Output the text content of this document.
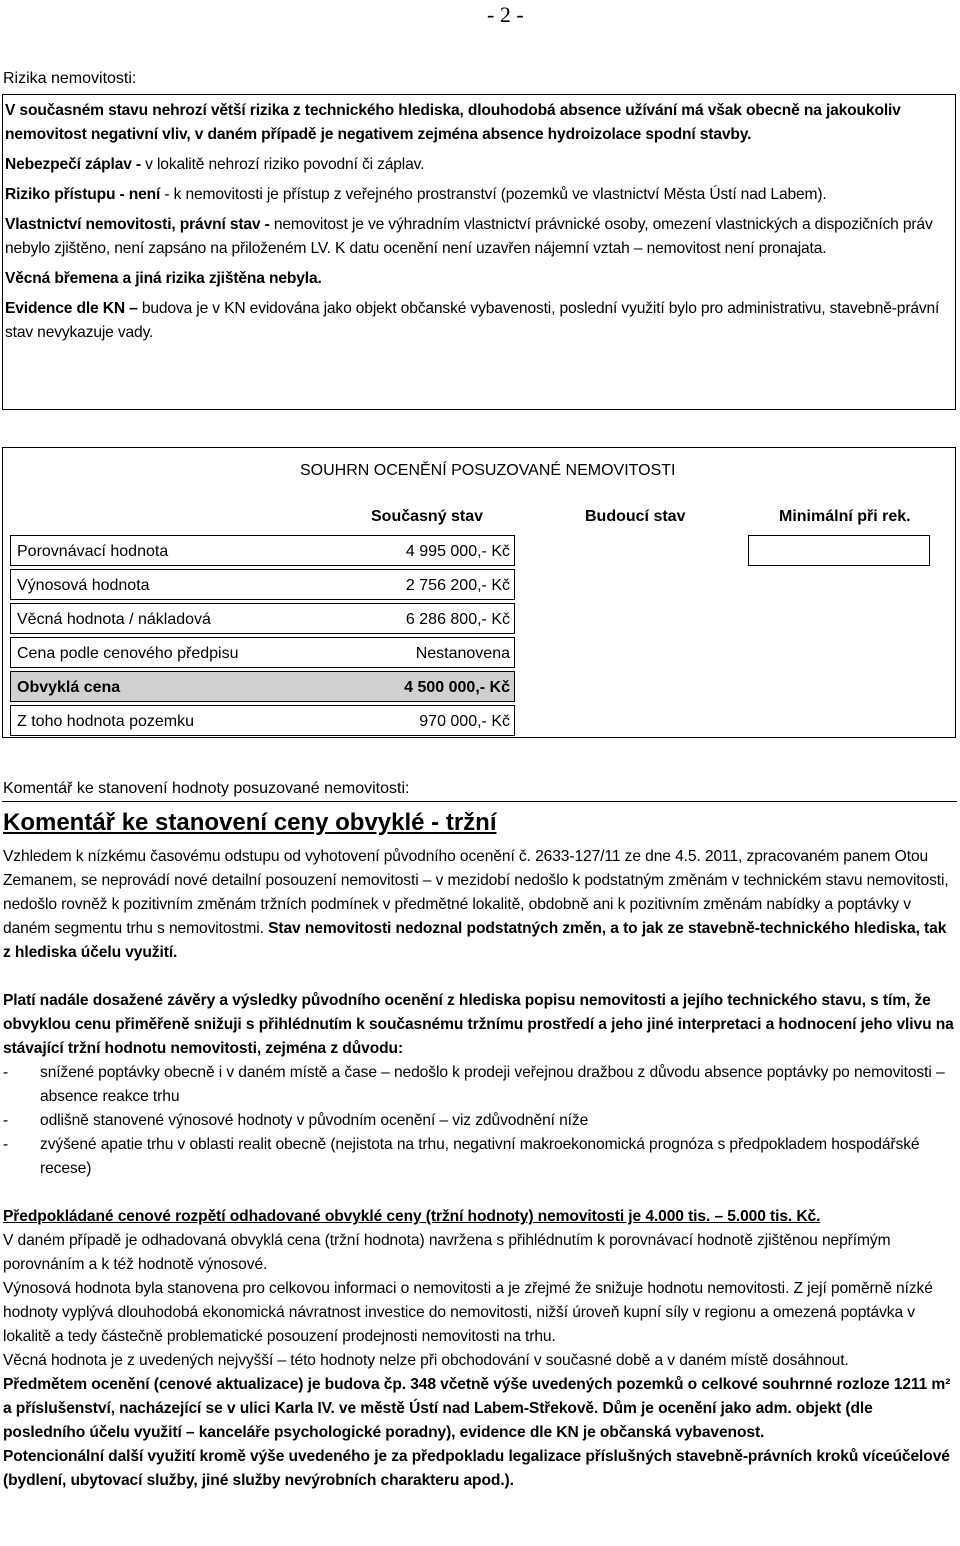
- 2 -
Rizika nemovitosti:

V současném stavu nehrozí větší rizika z technického hlediska, dlouhodobá absence užívání má však obecně na jakoukoliv nemovitost negativní vliv, v daném případě je negativem zejména absence hydroizolace spodní stavby.

Nebezpečí záplav - v lokalitě nehrozí riziko povodní či záplav.

Riziko přístupu - není - k nemovitosti je přístup z veřejného prostranství (pozemků ve vlastnictví Města Ústí nad Labem).

Vlastnictví nemovitosti, právní stav - nemovitost je ve výhradním vlastnictví právnické osoby, omezení vlastnických a dispozičních práv nebylo zjištěno, není zapsáno na přiloženém LV. K datu ocenění není uzavřen nájemní vztah – nemovitost není pronajata.

Věcná břemena a jiná rizika zjištěna nebyla.

Evidence dle KN – budova je v KN evidována jako objekt občanské vybavenosti, poslední využití bylo pro administrativu, stavebně-právní stav nevykazuje vady.

SOUHRN OCENĚNÍ POSUZOVANÉ NEMOVITOSTI
Současný stav	Budoucí stav	Minimální při rek.
Porovnávací hodnota	4 995 000,- Kč
Výnosová hodnota	2 756 200,- Kč
Věcná hodnota / nákladová	6 286 800,- Kč
Cena podle cenového předpisu	Nestanovena
Obvyklá cena	4 500 000,- Kč
Z toho hodnota pozemku	970 000,- Kč
Komentář ke stanovení hodnoty posuzované nemovitosti:
Komentář ke stanovení ceny obvyklé - tržní

Vzhledem k nízkému časovému odstupu od vyhotovení původního ocenění č. 2633-127/11 ze dne 4.5. 2011, zpracovaném panem Otou Zemanem, se neprovádí nové detailní posouzení nemovitosti – v mezidobí nedošlo k podstatným změnám v technickém stavu nemovitosti, nedošlo rovněž k pozitivním změnám tržních podmínek v předmětné lokalitě, obdobně ani k pozitivním změnám nabídky a poptávky v daném segmentu trhu s nemovitostmi. Stav nemovitosti nedoznal podstatných změn, a to jak ze stavebně-technického hlediska, tak z hlediska účelu využití.

Platí nadále dosažené závěry a výsledky původního ocenění z hlediska popisu nemovitosti a jejího technického stavu, s tím, že obvyklou cenu přiměřeně snižuji s přihlédnutím k současnému tržnímu prostředí a jeho jiné interpretaci a hodnocení jeho vlivu na stávající tržní hodnotu nemovitosti, zejména z důvodu:

-	snížené poptávky obecně i v daném místě a čase – nedošlo k prodeji veřejnou dražbou z důvodu absence poptávky po nemovitosti – absence reakce trhu
-	odlišně stanovené výnosové hodnoty v původním ocenění – viz zdůvodnění níže
-	zvýšené apatie trhu v oblasti realit obecně (nejistota na trhu, negativní makroekonomická prognóza s předpokladem hospodářské recese)

Předpokládané cenové rozpětí odhadované obvyklé ceny (tržní hodnoty) nemovitosti je 4.000 tis. – 5.000 tis. Kč.

V daném případě je odhadovaná obvyklá cena (tržní hodnota) navržena s přihlédnutím k porovnávací hodnotě zjištěnou nepřímým porovnáním a k též hodnotě výnosové.

Výnosová hodnota byla stanovena pro celkovou informaci o nemovitosti a je zřejmé že snižuje hodnotu nemovitosti. Z její poměrně nízké hodnoty vyplývá dlouhodobá ekonomická návratnost investice do nemovitosti, nižší úroveň kupní síly v regionu a omezená poptávka v lokalitě a tedy částečně problematické posouzení prodejnosti nemovitosti na trhu.

Věcná hodnota je z uvedených nejvyšší – této hodnoty nelze při obchodování v současné době a v daném místě dosáhnout.

Předmětem ocenění (cenové aktualizace) je budova čp. 348 včetně výše uvedených pozemků o celkové souhrnné rozloze 1211 m² a příslušenství, nacházející se v ulici Karla IV. ve městě Ústí nad Labem-Střekově. Dům je ocenění jako adm. objekt (dle posledního účelu využití – kanceláře psychologické poradny), evidence dle KN je občanská vybavenost.

Potencionální další využití kromě výše uvedeného je za předpokladu legalizace příslušných stavebně-právních kroků víceúčelové (bydlení, ubytovací služby, jiné služby nevýrobních charakteru apod.).
